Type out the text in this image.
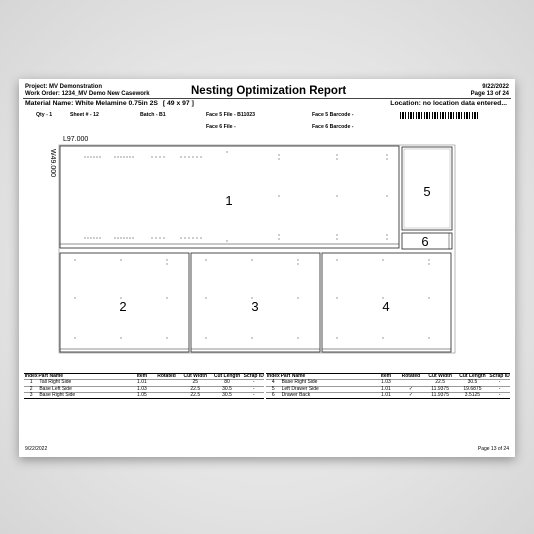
Project: MV Demonstration
Work Order: 1234_MV Demo New Casework	Nesting Optimization Report	9/22/2022
Page 13 of 24
Material Name: White Melamine 0.75in 2S [ 49 x 97 ]	Location: no location data entered...
Qty - 1	Sheet # - 12	Batch - B1	Face 5 File - B11023
Face 6 File -
Face 5 Barcode -
Face 6 Barcode -
L97.000
W49.000
1
5
6
2	3	4
Index	Part Name	Item	Rotated	Cut Width	Cut Length	Scrap ID
1	Tall Right Side	1.01		25	80	-
2	Base Left Side	1.03		22.5	30.5	-
3	Base Right Side	1.05		22.5	30.5	-
Index	Part Name	Item	Rotated	Cut Width	Cut Length	Scrap ID
4	Base Right Side	1.03		22.5	30.5	-
5	Left Drawer Side	1.01	✓	11.9375	19.6875	-
6	Drawer Back	1.01	✓	11.9375	3.5125	-
9/22/2022	Page 13 of 24
